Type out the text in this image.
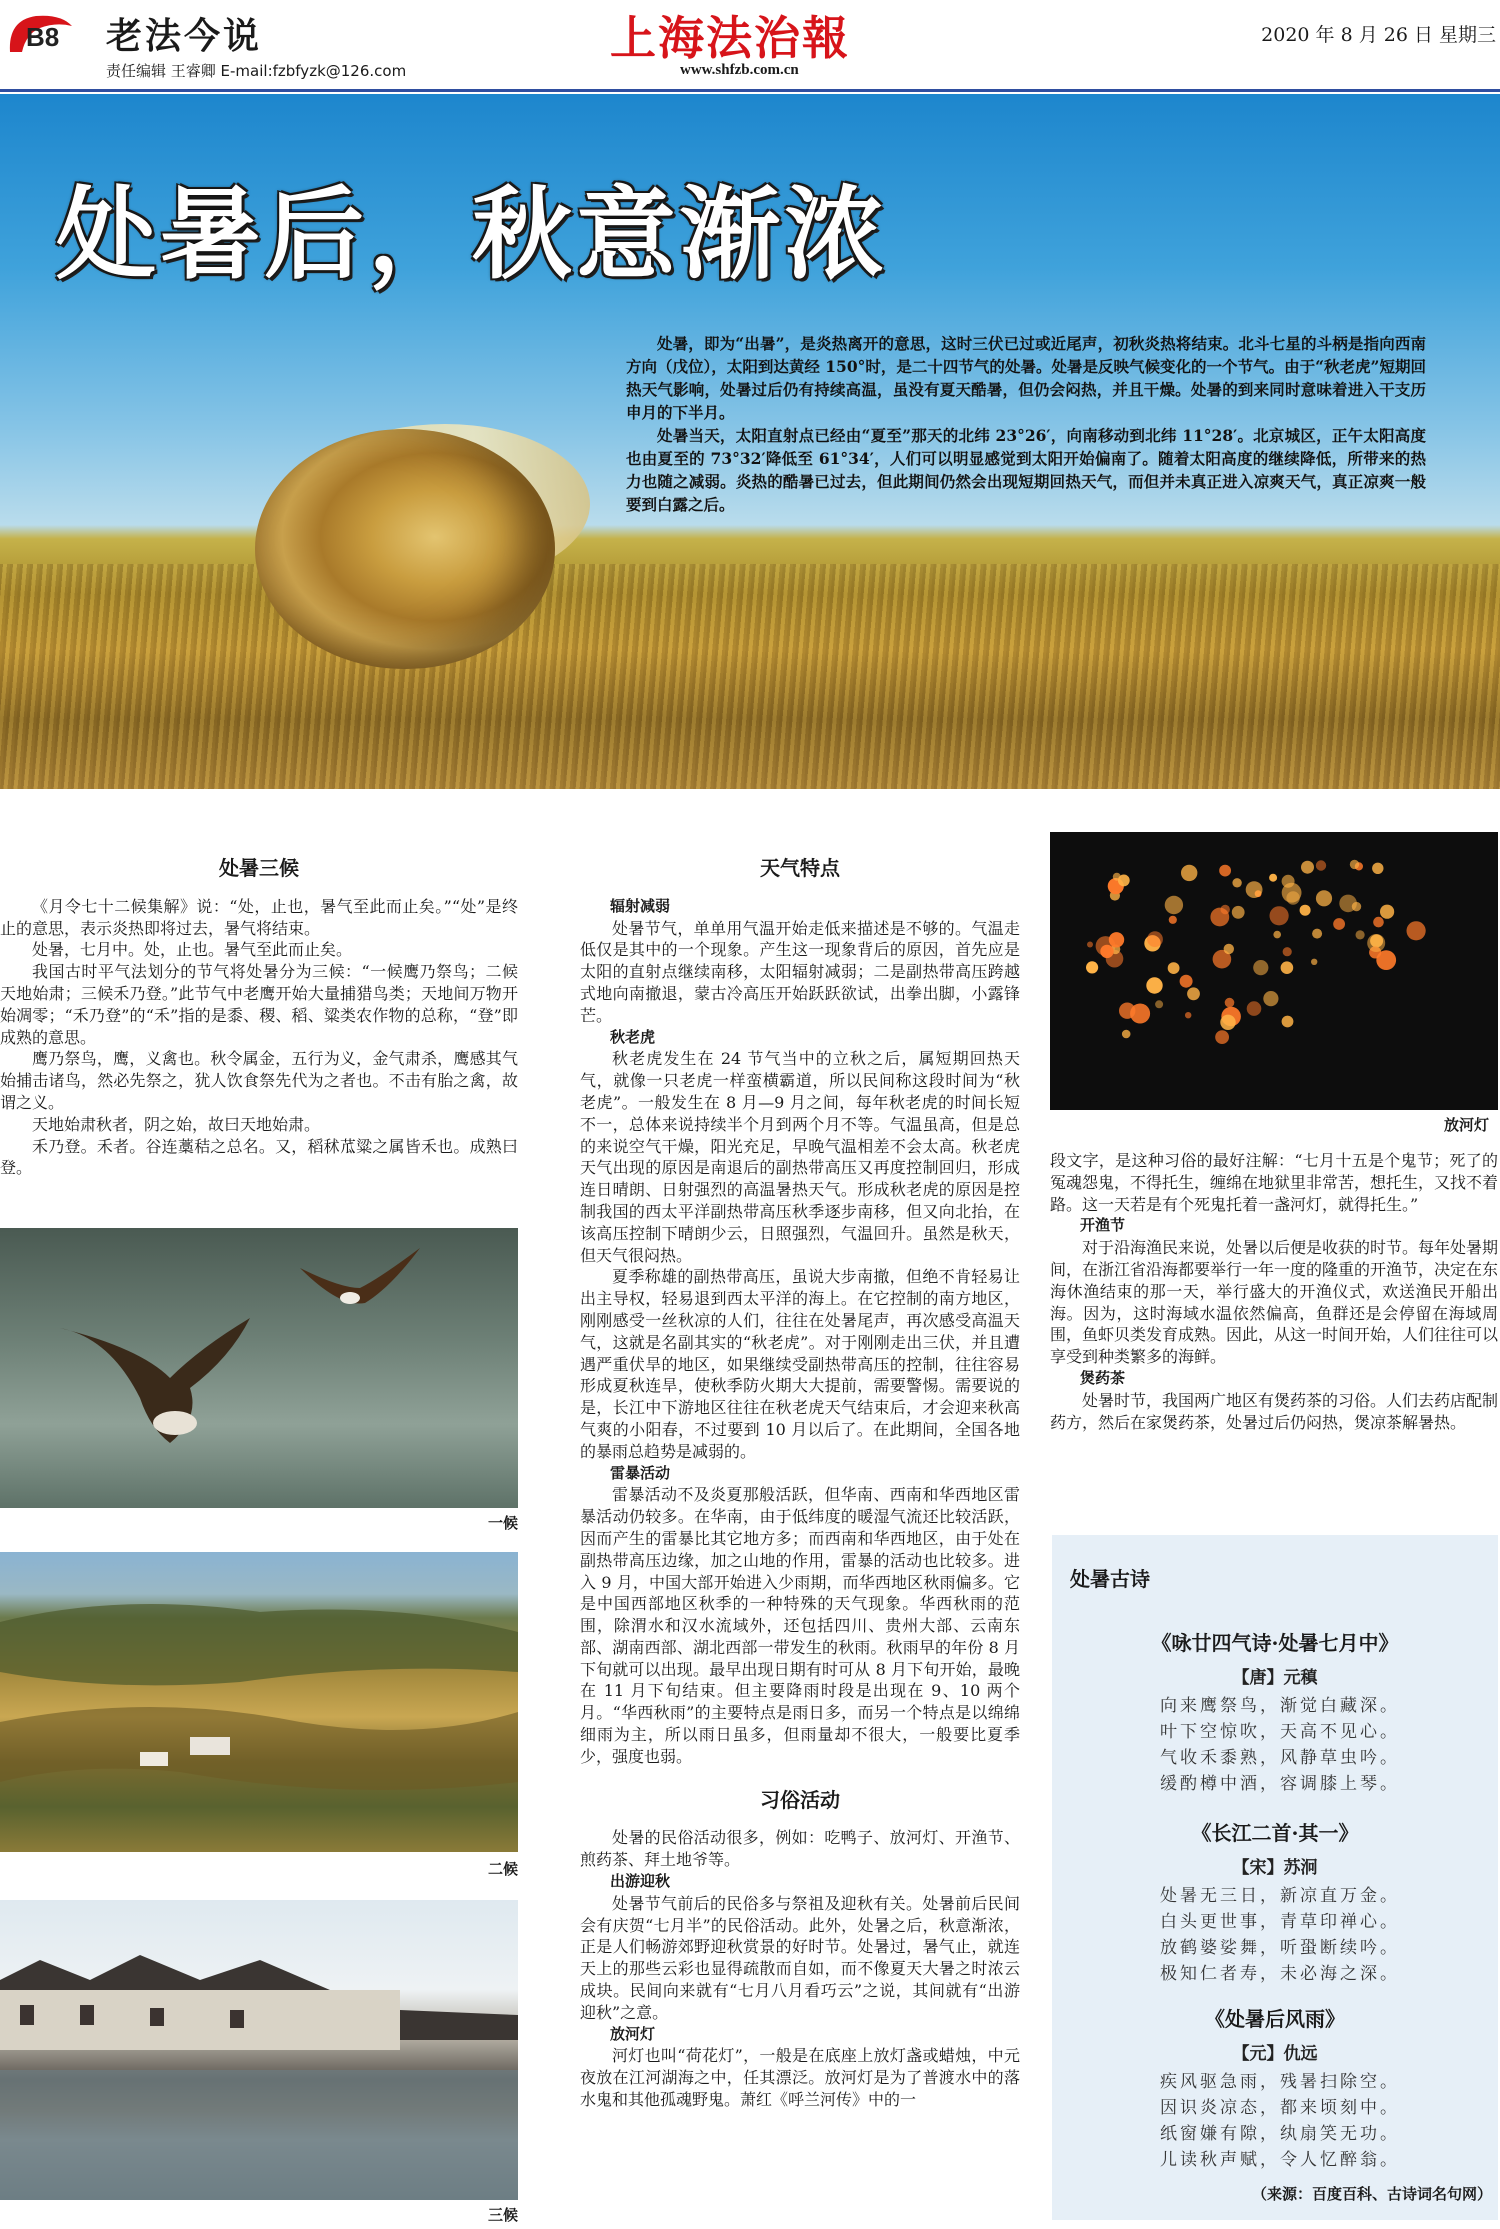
B8 老法今说
责任编辑 王睿卿 E-mail:fzbfyzk@126.com
上海法治報
www.shfzb.com.cn
2020 年 8 月 26 日 星期三
处暑后，秋意渐浓

处暑，即为“出暑”，是炎热离开的意思，这时三伏已过或近尾声，初秋炎热将结束。北斗七星的斗柄是指向西南方向（戊位），太阳到达黄经 150°时，是二十四节气的处暑。处暑是反映气候变化的一个节气。由于“秋老虎”短期回热天气影响，处暑过后仍有持续高温，虽没有夏天酷暑，但仍会闷热，并且干燥。处暑的到来同时意味着进入干支历申月的下半月。

处暑当天，太阳直射点已经由“夏至”那天的北纬 23°26′，向南移动到北纬 11°28′。北京城区，正午太阳高度也由夏至的 73°32′降低至 61°34′，人们可以明显感觉到太阳开始偏南了。随着太阳高度的继续降低，所带来的热力也随之减弱。炎热的酷暑已过去，但此期间仍然会出现短期回热天气，而但并未真正进入凉爽天气，真正凉爽一般要到白露之后。

处暑三候

《月令七十二候集解》说：“处，止也，暑气至此而止矣。”“处”是终止的意思，表示炎热即将过去，暑气将结束。

处暑，七月中。处，止也。暑气至此而止矣。

我国古时平气法划分的节气将处暑分为三候：“一候鹰乃祭鸟；二候天地始肃；三候禾乃登。”此节气中老鹰开始大量捕猎鸟类；天地间万物开始凋零；“禾乃登”的“禾”指的是黍、稷、稻、粱类农作物的总称，“登”即成熟的意思。

鹰乃祭鸟，鹰，义禽也。秋令属金，五行为义，金气肃杀，鹰感其气始捕击诸鸟，然必先祭之，犹人饮食祭先代为之者也。不击有胎之禽，故谓之义。

天地始肃秋者，阴之始，故曰天地始肃。

禾乃登。禾者。谷连藁秸之总名。又，稻秫苽粱之属皆禾也。成熟曰登。

一候
二候
三候
天气特点
辐射减弱

处暑节气，单单用气温开始走低来描述是不够的。气温走低仅是其中的一个现象。产生这一现象背后的原因，首先应是太阳的直射点继续南移，太阳辐射减弱；二是副热带高压跨越式地向南撤退，蒙古冷高压开始跃跃欲试，出拳出脚，小露锋芒。

秋老虎

秋老虎发生在 24 节气当中的立秋之后，属短期回热天气，就像一只老虎一样蛮横霸道，所以民间称这段时间为“秋老虎”。一般发生在 8 月—9 月之间，每年秋老虎的时间长短不一，总体来说持续半个月到两个月不等。气温虽高，但是总的来说空气干燥，阳光充足，早晚气温相差不会太高。秋老虎天气出现的原因是南退后的副热带高压又再度控制回归，形成连日晴朗、日射强烈的高温暑热天气。形成秋老虎的原因是控制我国的西太平洋副热带高压秋季逐步南移，但又向北抬，在该高压控制下晴朗少云，日照强烈，气温回升。虽然是秋天，但天气很闷热。

夏季称雄的副热带高压，虽说大步南撤，但绝不肯轻易让出主导权，轻易退到西太平洋的海上。在它控制的南方地区，刚刚感受一丝秋凉的人们，往往在处暑尾声，再次感受高温天气，这就是名副其实的“秋老虎”。对于刚刚走出三伏，并且遭遇严重伏旱的地区，如果继续受副热带高压的控制，往往容易形成夏秋连旱，使秋季防火期大大提前，需要警惕。需要说的是，长江中下游地区往往在秋老虎天气结束后，才会迎来秋高气爽的小阳春，不过要到 10 月以后了。在此期间，全国各地的暴雨总趋势是减弱的。

雷暴活动

雷暴活动不及炎夏那般活跃，但华南、西南和华西地区雷暴活动仍较多。在华南，由于低纬度的暖湿气流还比较活跃，因而产生的雷暴比其它地方多；而西南和华西地区，由于处在副热带高压边缘，加之山地的作用，雷暴的活动也比较多。进入 9 月，中国大部开始进入少雨期，而华西地区秋雨偏多。它是中国西部地区秋季的一种特殊的天气现象。华西秋雨的范围，除渭水和汉水流域外，还包括四川、贵州大部、云南东部、湖南西部、湖北西部一带发生的秋雨。秋雨早的年份 8 月下旬就可以出现。最早出现日期有时可从 8 月下旬开始，最晚在 11 月下旬结束。但主要降雨时段是出现在 9、10 两个月。“华西秋雨”的主要特点是雨日多，而另一个特点是以绵绵细雨为主，所以雨日虽多，但雨量却不很大，一般要比夏季少，强度也弱。

习俗活动

处暑的民俗活动很多，例如：吃鸭子、放河灯、开渔节、煎药茶、拜土地爷等。

出游迎秋

处暑节气前后的民俗多与祭祖及迎秋有关。处暑前后民间会有庆贺“七月半”的民俗活动。此外，处暑之后，秋意渐浓，正是人们畅游郊野迎秋赏景的好时节。处暑过，暑气止，就连天上的那些云彩也显得疏散而自如，而不像夏天大暑之时浓云成块。民间向来就有“七月八月看巧云”之说，其间就有“出游迎秋”之意。

放河灯

河灯也叫“荷花灯”，一般是在底座上放灯盏或蜡烛，中元夜放在江河湖海之中，任其漂泛。放河灯是为了普渡水中的落水鬼和其他孤魂野鬼。萧红《呼兰河传》中的一

放河灯

段文字，是这种习俗的最好注解：“七月十五是个鬼节；死了的冤魂怨鬼，不得托生，缠绵在地狱里非常苦，想托生，又找不着路。这一天若是有个死鬼托着一盏河灯，就得托生。”

开渔节

对于沿海渔民来说，处暑以后便是收获的时节。每年处暑期间，在浙江省沿海都要举行一年一度的隆重的开渔节，决定在东海休渔结束的那一天，举行盛大的开渔仪式，欢送渔民开船出海。因为，这时海域水温依然偏高，鱼群还是会停留在海域周围，鱼虾贝类发育成熟。因此，从这一时间开始，人们往往可以享受到种类繁多的海鲜。

煲药茶

处暑时节，我国两广地区有煲药茶的习俗。人们去药店配制药方，然后在家煲药茶，处暑过后仍闷热，煲凉茶解暑热。

处暑古诗
《咏廿四气诗·处暑七月中》
【唐】元稹
向来鹰祭鸟，渐觉白藏深。
叶下空惊吹，天高不见心。
气收禾黍熟，风静草虫吟。
缓酌樽中酒，容调膝上琴。
《长江二首·其一》
【宋】苏泂
处暑无三日，新凉直万金。
白头更世事，青草印禅心。
放鹤婆娑舞，听蛩断续吟。
极知仁者寿，未必海之深。
《处暑后风雨》
【元】仇远
疾风驱急雨，残暑扫除空。
因识炎凉态，都来顷刻中。
纸窗嫌有隙，纨扇笑无功。
儿读秋声赋，令人忆醉翁。
（来源：百度百科、古诗词名句网）
